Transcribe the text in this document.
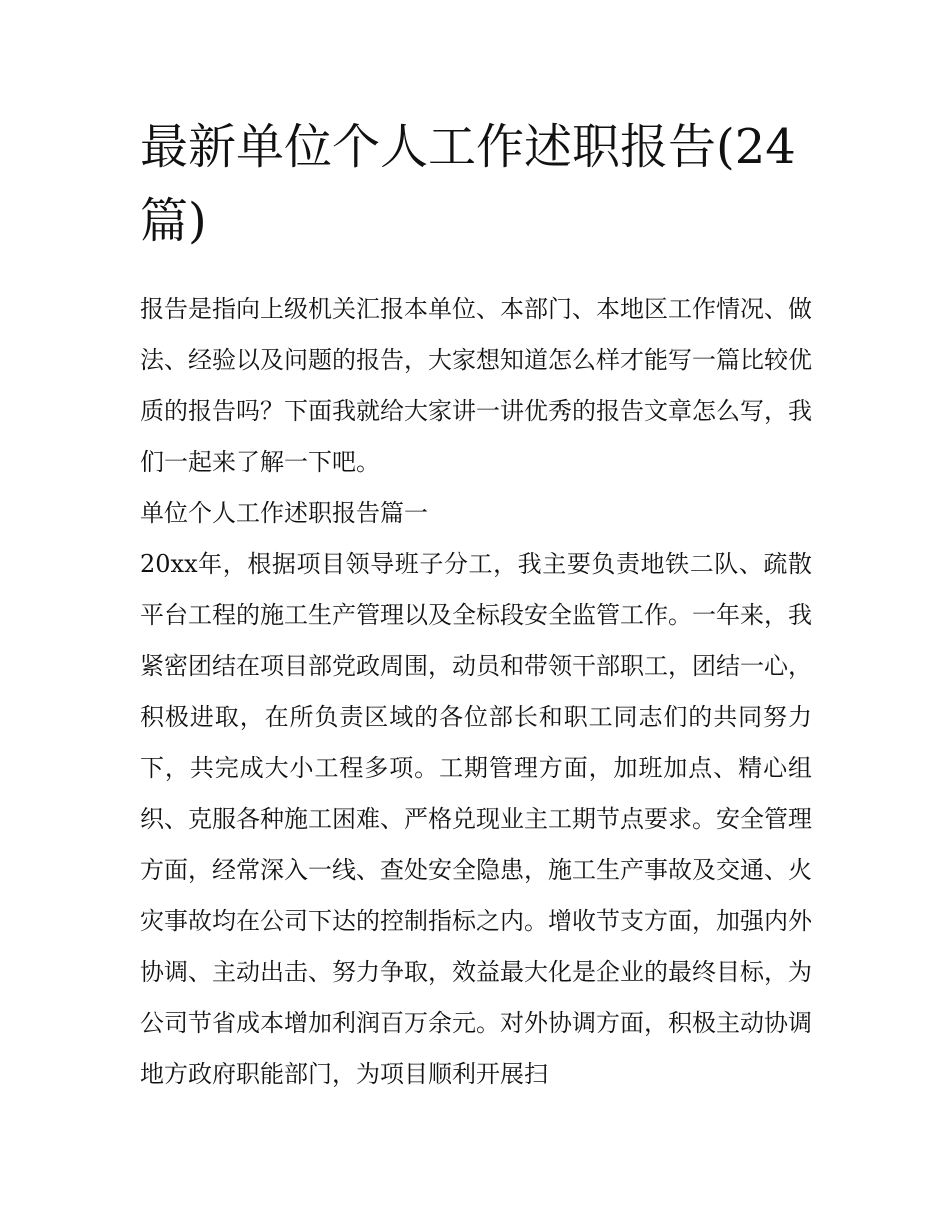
最新单位个人工作述职报告(24篇)

报告是指向上级机关汇报本单位、本部门、本地区工作情况、做法、经验以及问题的报告，大家想知道怎么样才能写一篇比较优质的报告吗？下面我就给大家讲一讲优秀的报告文章怎么写，我们一起来了解一下吧。

单位个人工作述职报告篇一

20xx年，根据项目领导班子分工，我主要负责地铁二队、疏散平台工程的施工生产管理以及全标段安全监管工作。一年来，我紧密团结在项目部党政周围，动员和带领干部职工，团结一心，积极进取，在所负责区域的各位部长和职工同志们的共同努力下，共完成大小工程多项。工期管理方面，加班加点、精心组织、克服各种施工困难、严格兑现业主工期节点要求。安全管理方面，经常深入一线、查处安全隐患，施工生产事故及交通、火灾事故均在公司下达的控制指标之内。增收节支方面，加强内外协调、主动出击、努力争取，效益最大化是企业的最终目标，为公司节省成本增加利润百万余元。对外协调方面，积极主动协调地方政府职能部门，为项目顺利开展扫
